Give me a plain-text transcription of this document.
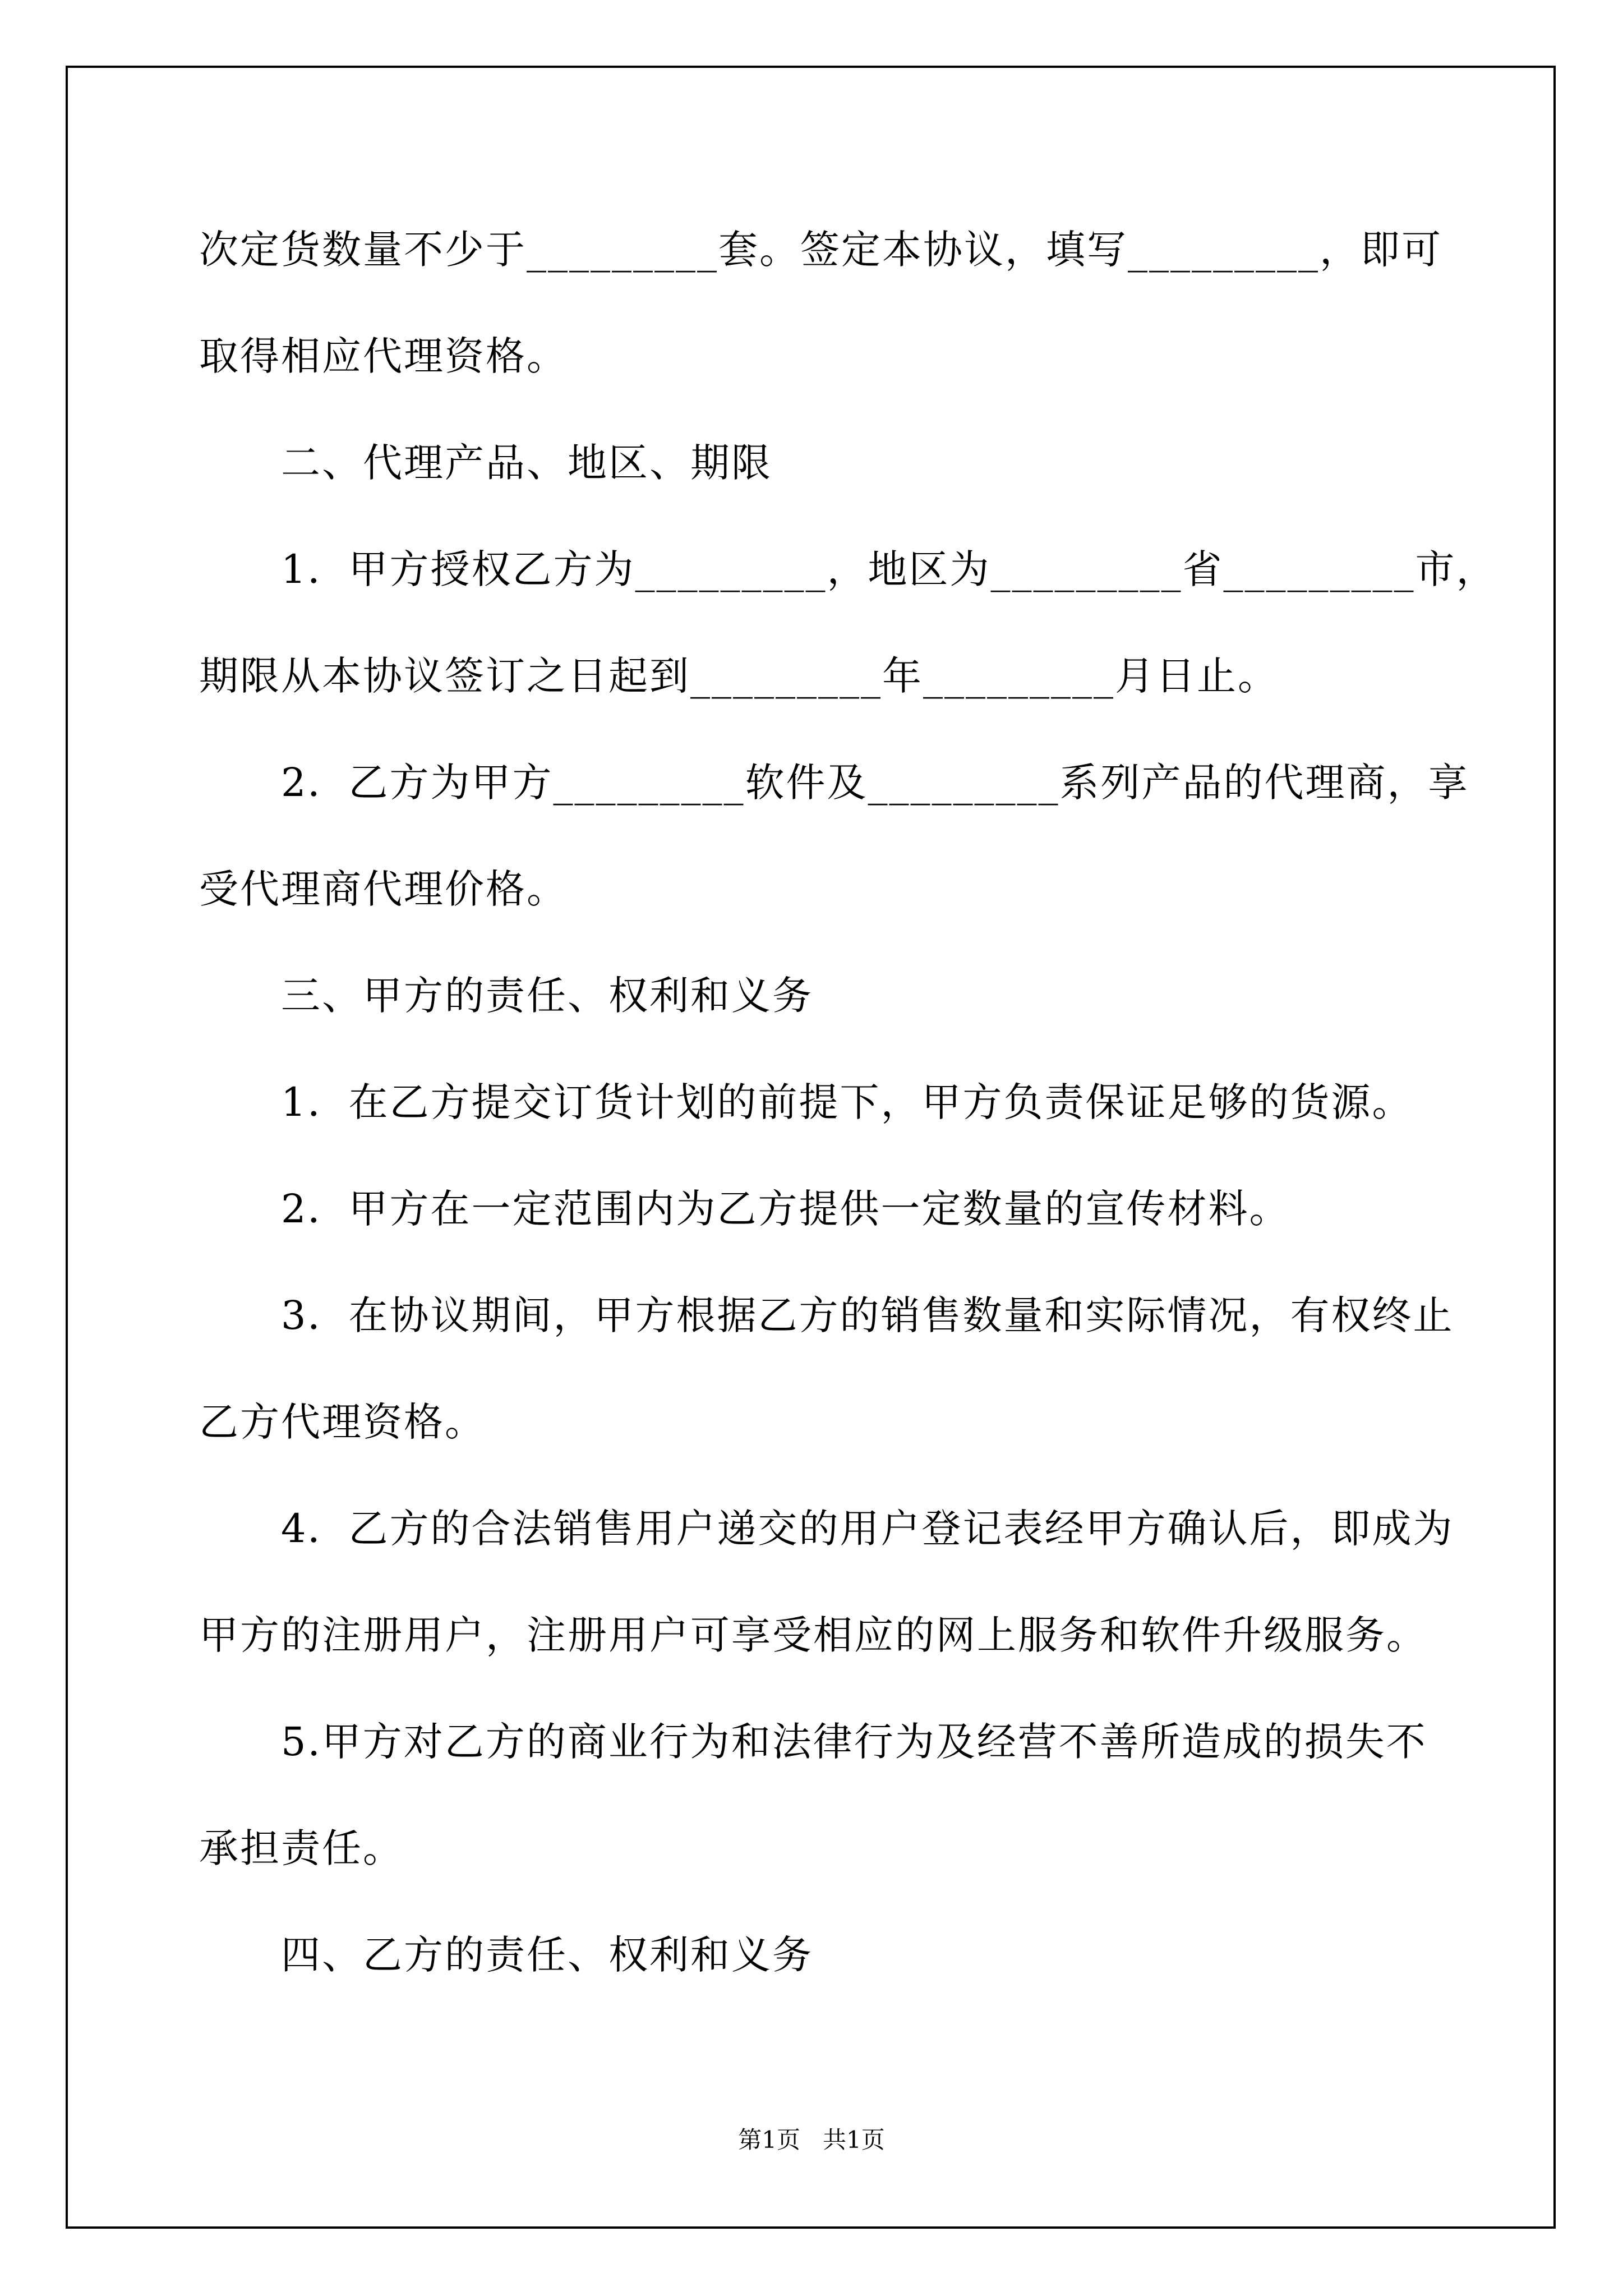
次定货数量不少于_________套。签定本协议，填写_________，即可
取得相应代理资格。
二、代理产品、地区、期限
1．甲方授权乙方为_________，地区为_________省_________市，
期限从本协议签订之日起到_________年_________月日止。
2．乙方为甲方_________软件及_________系列产品的代理商，享
受代理商代理价格。
三、甲方的责任、权利和义务
1．在乙方提交订货计划的前提下，甲方负责保证足够的货源。
2．甲方在一定范围内为乙方提供一定数量的宣传材料。
3．在协议期间，甲方根据乙方的销售数量和实际情况，有权终止
乙方代理资格。
4．乙方的合法销售用户递交的用户登记表经甲方确认后，即成为
甲方的注册用户，注册用户可享受相应的网上服务和软件升级服务。
5.甲方对乙方的商业行为和法律行为及经营不善所造成的损失不
承担责任。
四、乙方的责任、权利和义务
第1页   共1页
